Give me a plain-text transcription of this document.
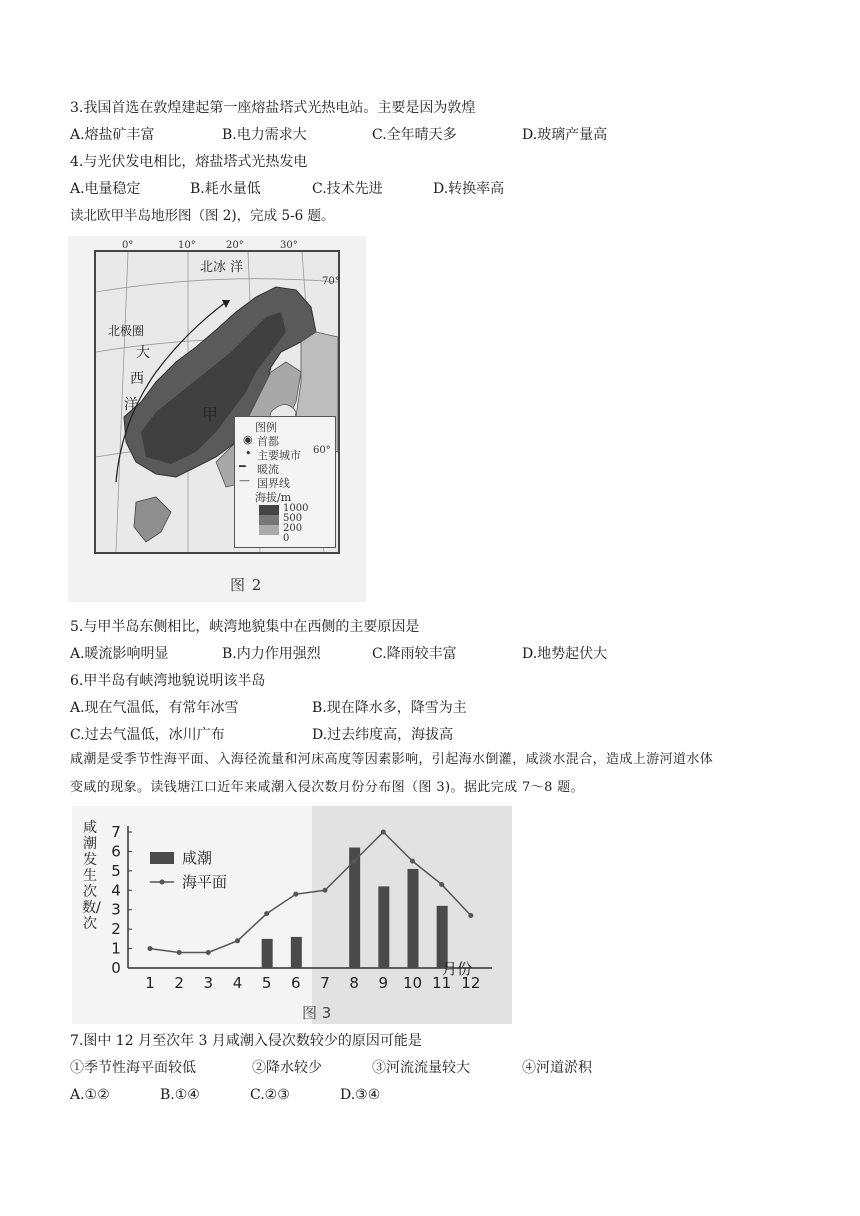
3.我国首选在敦煌建起第一座熔盐塔式光热电站。主要是因为敦煌
A.熔盐矿丰富	B.电力需求大	C.全年晴天多	D.玻璃产量高
4.与光伏发电相比，熔盐塔式光热发电
A.电量稳定	B.耗水量低	C.技术先进	D.转换率高
读北欧甲半岛地形图（图 2)，完成 5-6 题。
0°	10°	20°	30°
70°
北冰 洋
北极圈
大
西
洋	甲
图例
◉ 首都
• 主要城市 60°
━ 暖流
— 国界线
海拔/m
1000
500
200
0
图 2
5.与甲半岛东侧相比，峡湾地貌集中在西侧的主要原因是
A.暖流影响明显	B.内力作用强烈	C.降雨较丰富	D.地势起伏大
6.甲半岛有峡湾地貌说明该半岛
A.现在气温低，有常年冰雪	B.现在降水多，降雪为主
C.过去气温低，冰川广布	D.过去纬度高，海拔高
咸潮是受季节性海平面、入海径流量和河床高度等因素影响，引起海水倒灌，咸淡水混合，造成上游河道水体
变咸的现象。读钱塘江口近年来咸潮入侵次数月份分布图（图 3)。据此完成 7～8 题。
0
1
2
3
4
5
6
7
1 2 3 4 5 6 7 8 9 10 11 12
咸潮
海平面
月份
图 3
咸潮发生次数/次
7.图中 12 月至次年 3 月咸潮入侵次数较少的原因可能是
①季节性海平面较低	②降水较少	③河流流量较大	④河道淤积
A.①②	B.①④	C.②③	D.③④
